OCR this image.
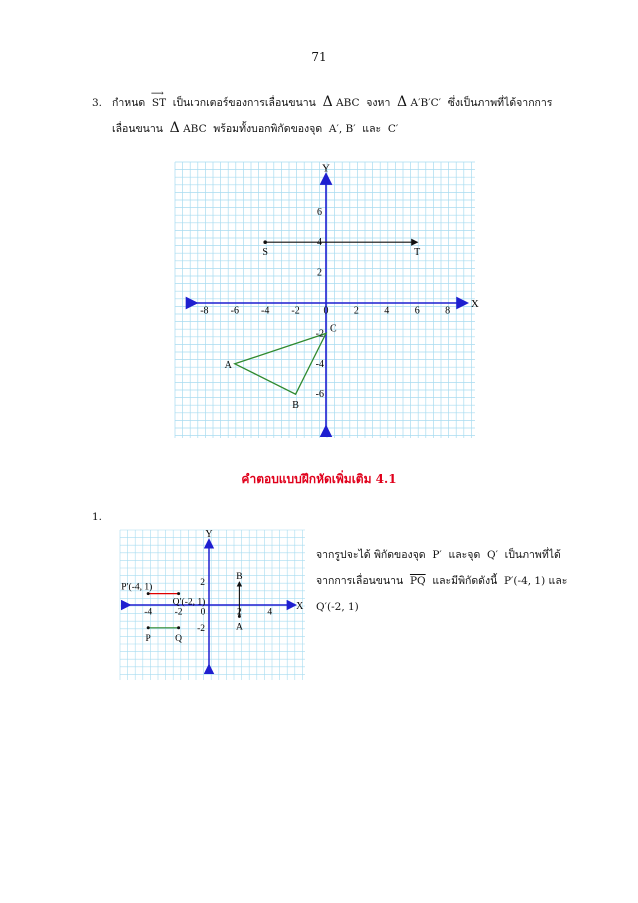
71
3. กำหนด ⟶ ST เป็นเวกเตอร์ของการเลื่อนขนาน Δ ABC จงหา Δ A′B′C′ ซึ่งเป็นภาพที่ได้จากการ
เลื่อนขนาน Δ ABC พร้อมทั้งบอกพิกัดของจุด A′, B′ และ C′
-8 -6 -4 -2 0	2	4	6	8
6
4
2
-2
-4
-6
X
Y
S	T
A
B
C
คำตอบแบบฝึกหัดเพิ่มเติม 4.1
1.
-4 -2 0	2	4
2
-2
X
Y
P′(-4, 1)
Q′(-2, 1)
P	Q
A
B
จากรูปจะได้ พิกัดของจุด P′ และจุด Q′ เป็นภาพที่ได้
จากการเลื่อนขนาน $\overline{PQ}$ และมีพิกัดดังนี้ P′(-4, 1) และ
Q′(-2, 1)
